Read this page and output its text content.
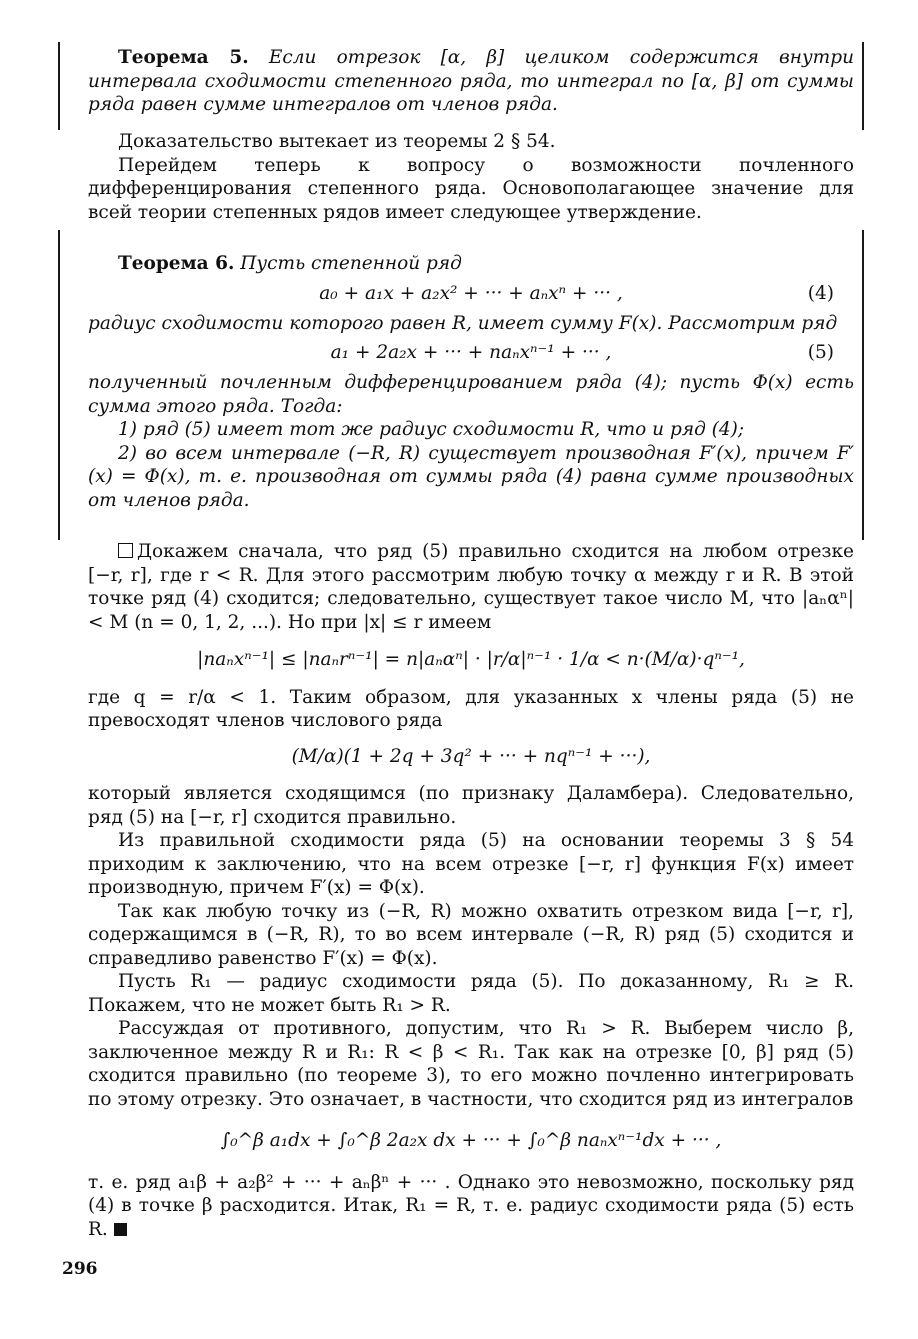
Теорема 5. Если отрезок [α, β] целиком содержится внутри интервала сходимости степенного ряда, то интеграл по [α, β] от суммы ряда равен сумме интегралов от членов ряда.

Доказательство вытекает из теоремы 2 § 54.

Перейдем теперь к вопросу о возможности почленного дифференцирования степенного ряда. Основополагающее значение для всей теории степенных рядов имеет следующее утверждение.

Теорема 6. Пусть степенной ряд

a₀ + a₁x + a₂x² + ··· + aₙxⁿ + ··· ,	(4)

радиус сходимости которого равен R, имеет сумму F(x). Рассмотрим ряд

a₁ + 2a₂x + ··· + naₙxⁿ⁻¹ + ··· ,	(5)

полученный почленным дифференцированием ряда (4); пусть Φ(x) есть сумма этого ряда. Тогда:

1) ряд (5) имеет тот же радиус сходимости R, что и ряд (4);

2) во всем интервале (−R, R) существует производная F′(x), причем F′(x) = Φ(x), т. е. производная от суммы ряда (4) равна сумме производных от членов ряда.

Докажем сначала, что ряд (5) правильно сходится на любом отрезке [−r, r], где r < R. Для этого рассмотрим любую точку α между r и R. В этой точке ряд (4) сходится; следовательно, существует такое число M, что |aₙαⁿ| < M (n = 0, 1, 2, ...). Но при |x| ≤ r имеем

|naₙxⁿ⁻¹| ≤ |naₙrⁿ⁻¹| = n|aₙαⁿ| · |r/α|ⁿ⁻¹ · 1/α < n·(M/α)·qⁿ⁻¹,

где q = r/α < 1. Таким образом, для указанных x члены ряда (5) не превосходят членов числового ряда

(M/α)(1 + 2q + 3q² + ··· + nqⁿ⁻¹ + ···),

который является сходящимся (по признаку Даламбера). Следовательно, ряд (5) на [−r, r] сходится правильно.

Из правильной сходимости ряда (5) на основании теоремы 3 § 54 приходим к заключению, что на всем отрезке [−r, r] функция F(x) имеет производную, причем F′(x) = Φ(x).

Так как любую точку из (−R, R) можно охватить отрезком вида [−r, r], содержащимся в (−R, R), то во всем интервале (−R, R) ряд (5) сходится и справедливо равенство F′(x) = Φ(x).

Пусть R₁ — радиус сходимости ряда (5). По доказанному, R₁ ≥ R. Покажем, что не может быть R₁ > R.

Рассуждая от противного, допустим, что R₁ > R. Выберем число β, заключенное между R и R₁: R < β < R₁. Так как на отрезке [0, β] ряд (5) сходится правильно (по теореме 3), то его можно почленно интегрировать по этому отрезку. Это означает, в частности, что сходится ряд из интегралов

∫₀^β a₁dx + ∫₀^β 2a₂x dx + ··· + ∫₀^β naₙxⁿ⁻¹dx + ··· ,

т. е. ряд a₁β + a₂β² + ··· + aₙβⁿ + ··· . Однако это невозможно, поскольку ряд (4) в точке β расходится. Итак, R₁ = R, т. е. радиус сходимости ряда (5) есть R.

296
